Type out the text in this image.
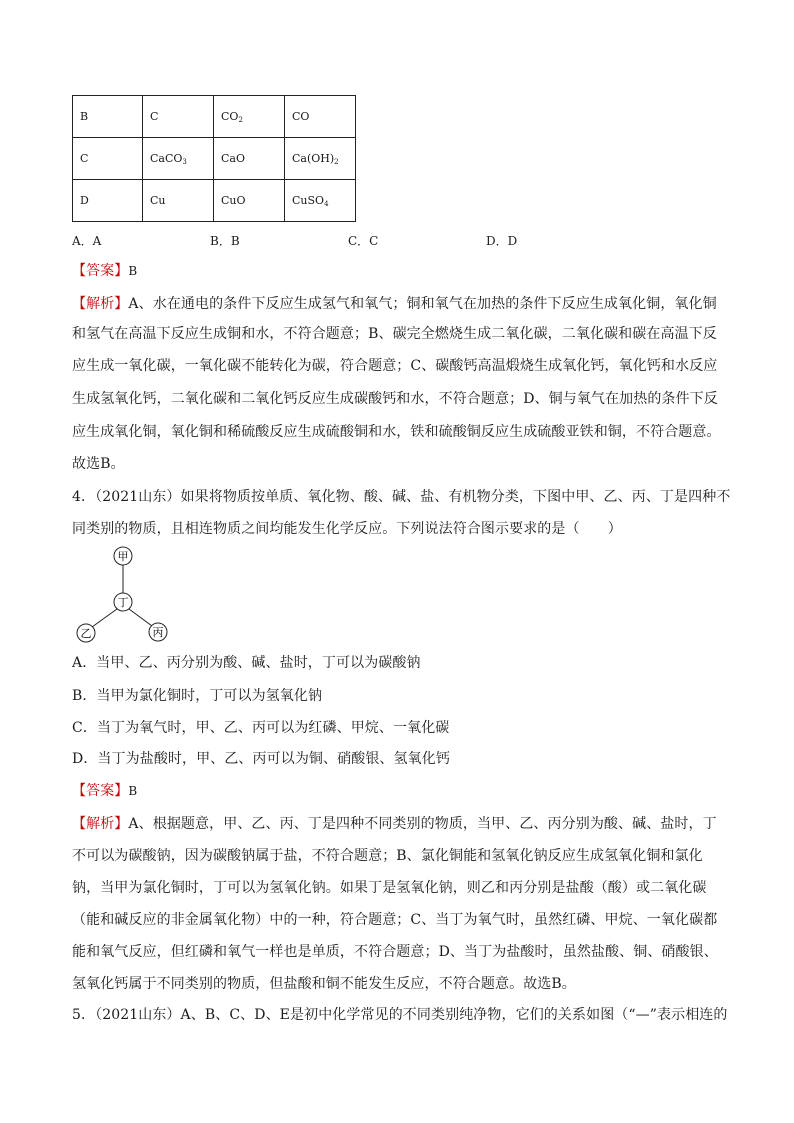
B	C	$CO_2$	CO
C	CaCO$_3$	CaO	$Ca(OH)_2$
D	Cu	CuO	CuSO$_4$
A．A	B．B	C．C	D．D
【答案】B
【解析】A、水在通电的条件下反应生成氢气和氧气；铜和氧气在加热的条件下反应生成氧化铜，氧化铜
和氢气在高温下反应生成铜和水，不符合题意；B、碳完全燃烧生成二氧化碳，二氧化碳和碳在高温下反
应生成一氧化碳，一氧化碳不能转化为碳，符合题意；C、碳酸钙高温煅烧生成氧化钙，氧化钙和水反应
生成氢氧化钙，二氧化碳和二氧化钙反应生成碳酸钙和水，不符合题意；D、铜与氧气在加热的条件下反
应生成氧化铜，氧化铜和稀硫酸反应生成硫酸铜和水，铁和硫酸铜反应生成硫酸亚铁和铜，不符合题意。
故选B。
4．（2021山东）如果将物质按单质、氧化物、酸、碱、盐、有机物分类，下图中甲、乙、丙、丁是四种不
同类别的物质，且相连物质之间均能发生化学反应。下列说法符合图示要求的是（　　）
甲
丁
乙	丙
A．当甲、乙、丙分别为酸、碱、盐时，丁可以为碳酸钠
B．当甲为氯化铜时，丁可以为氢氧化钠
C．当丁为氧气时，甲、乙、丙可以为红磷、甲烷、一氧化碳
D．当丁为盐酸时，甲、乙、丙可以为铜、硝酸银、氢氧化钙
【答案】B
【解析】A、根据题意，甲、乙、丙、丁是四种不同类别的物质，当甲、乙、丙分别为酸、碱、盐时，丁
不可以为碳酸钠，因为碳酸钠属于盐，不符合题意；B、氯化铜能和氢氧化钠反应生成氢氧化铜和氯化
钠，当甲为氯化铜时，丁可以为氢氧化钠。如果丁是氢氧化钠，则乙和丙分别是盐酸（酸）或二氧化碳
（能和碱反应的非金属氧化物）中的一种，符合题意；C、当丁为氧气时，虽然红磷、甲烷、一氧化碳都
能和氧气反应，但红磷和氧气一样也是单质，不符合题意；D、当丁为盐酸时，虽然盐酸、铜、硝酸银、
氢氧化钙属于不同类别的物质，但盐酸和铜不能发生反应，不符合题意。故选B。
5．（2021山东）A、B、C、D、E是初中化学常见的不同类别纯净物，它们的关系如图（“—”表示相连的
